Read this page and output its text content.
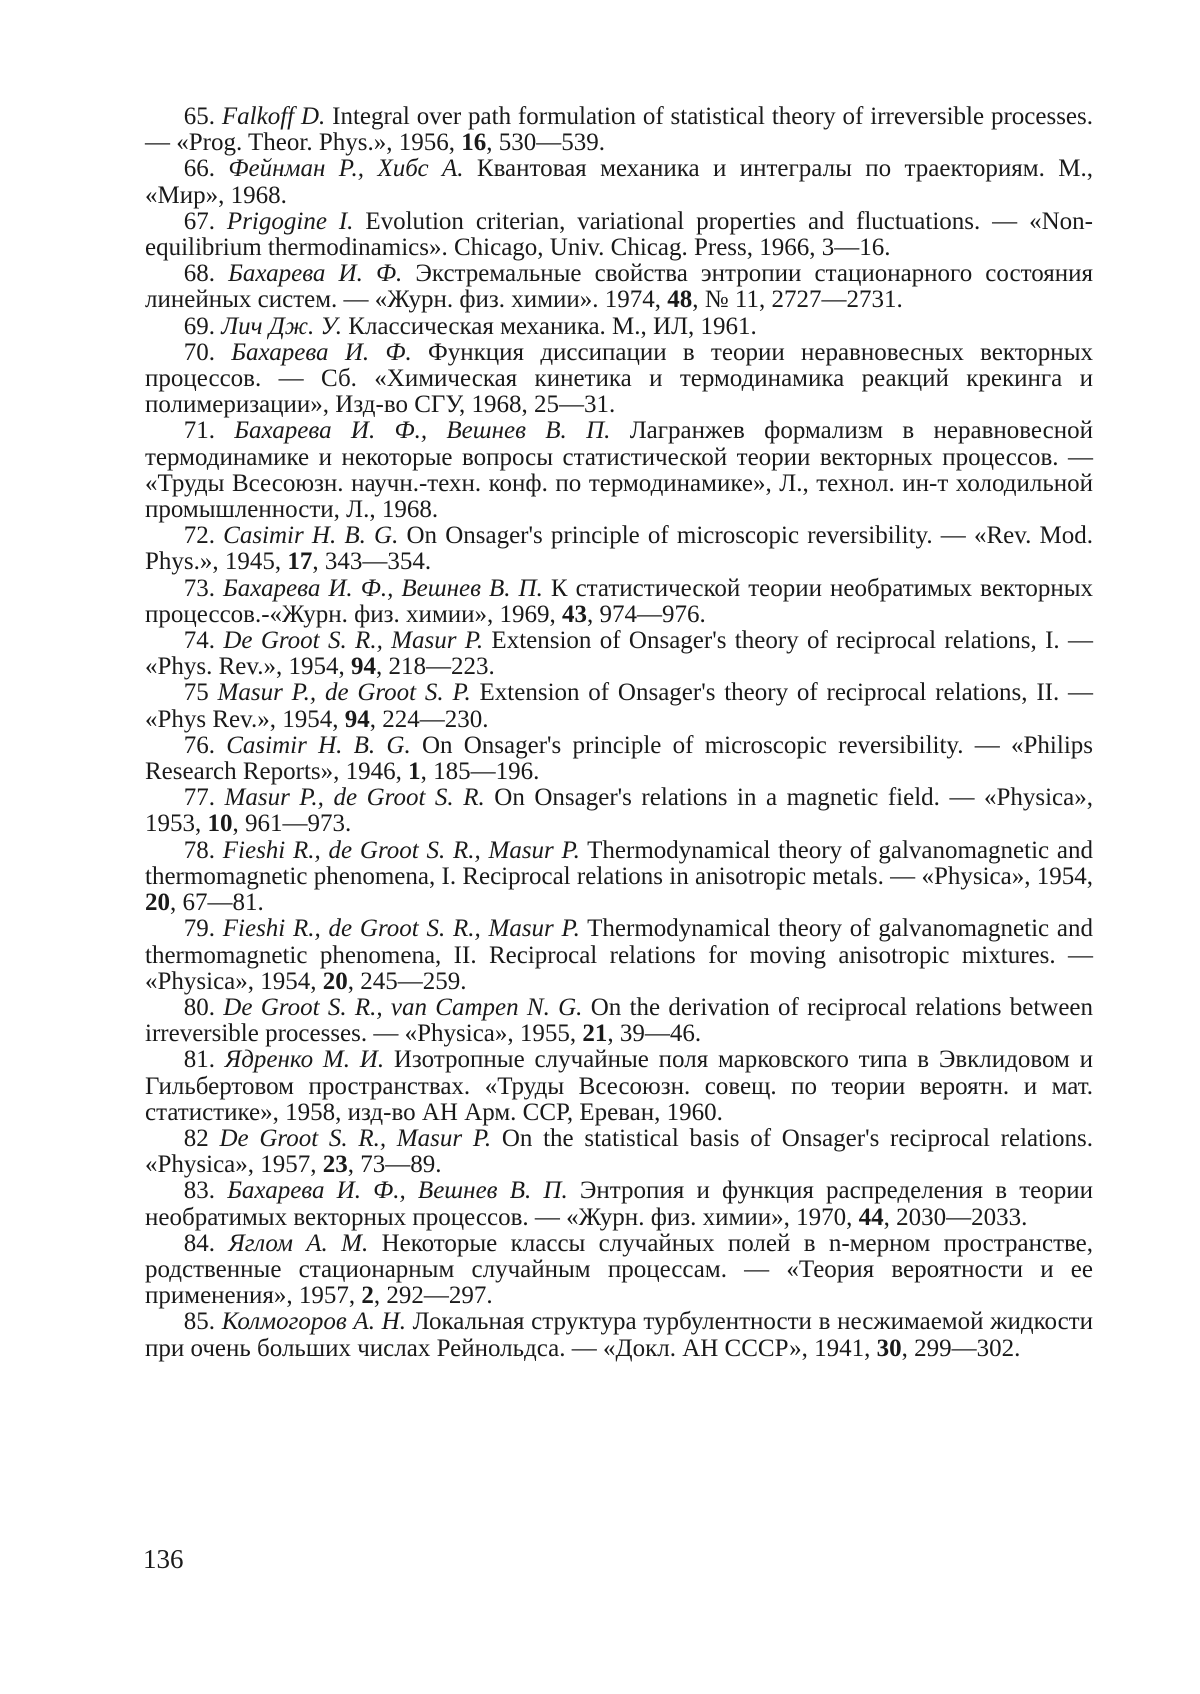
65. Falkoff D. Integral over path formulation of statistical theory of irreversible processes. — «Prog. Theor. Phys.», 1956, 16, 530—539.

66. Фейнман Р., Хибс А. Квантовая механика и интегралы по траекториям. М., «Мир», 1968.

67. Prigogine I. Evolution criterian, variational properties and fluctuations. — «Non-equilibrium thermodinamics». Chicago, Univ. Chicag. Press, 1966, 3—16.

68. Бахарева И. Ф. Экстремальные свойства энтропии стационарного состояния линейных систем. — «Журн. физ. химии». 1974, 48, № 11, 2727—2731.

69. Лич Дж. У. Классическая механика. М., ИЛ, 1961.

70. Бахарева И. Ф. Функция диссипации в теории неравновесных векторных процессов. — Сб. «Химическая кинетика и термодинамика реакций крекинга и полимеризации», Изд-во СГУ, 1968, 25—31.

71. Бахарева И. Ф., Вешнев В. П. Лагранжев формализм в неравновесной термодинамике и некоторые вопросы статистической теории векторных процессов. — «Труды Всесоюзн. научн.-техн. конф. по термодинамике», Л., технол. ин-т холодильной промышленности, Л., 1968.

72. Casimir H. B. G. On Onsager's principle of microscopic reversibility. — «Rev. Mod. Phys.», 1945, 17, 343—354.

73. Бахарева И. Ф., Вешнев В. П. К статистической теории необратимых векторных процессов.-«Журн. физ. химии», 1969, 43, 974—976.

74. De Groot S. R., Masur P. Extension of Onsager's theory of reciprocal relations, I. — «Phys. Rev.», 1954, 94, 218—223.

75 Masur P., de Groot S. P. Extension of Onsager's theory of reciprocal relations, II. — «Phys Rev.», 1954, 94, 224—230.

76. Casimir H. B. G. On Onsager's principle of microscopic reversibility. — «Philips Research Reports», 1946, 1, 185—196.

77. Masur P., de Groot S. R. On Onsager's relations in a magnetic field. — «Physica», 1953, 10, 961—973.

78. Fieshi R., de Groot S. R., Masur P. Thermodynamical theory of galvanomagnetic and thermomagnetic phenomena, I. Reciprocal relations in anisotropic metals. — «Physica», 1954, 20, 67—81.

79. Fieshi R., de Groot S. R., Masur P. Thermodynamical theory of galvanomagnetic and thermomagnetic phenomena, II. Reciprocal relations for moving anisotropic mixtures. — «Physica», 1954, 20, 245—259.

80. De Groot S. R., van Campen N. G. On the derivation of reciprocal relations between irreversible processes. — «Physica», 1955, 21, 39—46.

81. Ядренко М. И. Изотропные случайные поля марковского типа в Эвклидовом и Гильбертовом пространствах. «Труды Всесоюзн. совещ. по теории вероятн. и мат. статистике», 1958, изд-во АН Арм. ССР, Ереван, 1960.

82 De Groot S. R., Masur P. On the statistical basis of Onsager's reciprocal relations. «Physica», 1957, 23, 73—89.

83. Бахарева И. Ф., Вешнев В. П. Энтропия и функция распределения в теории необратимых векторных процессов. — «Журн. физ. химии», 1970, 44, 2030—2033.

84. Яглом А. М. Некоторые классы случайных полей в n-мерном пространстве, родственные стационарным случайным процессам. — «Теория вероятности и ее применения», 1957, 2, 292—297.

85. Колмогоров А. Н. Локальная структура турбулентности в несжимаемой жидкости при очень больших числах Рейнольдса. — «Докл. АН СССР», 1941, 30, 299—302.

136
